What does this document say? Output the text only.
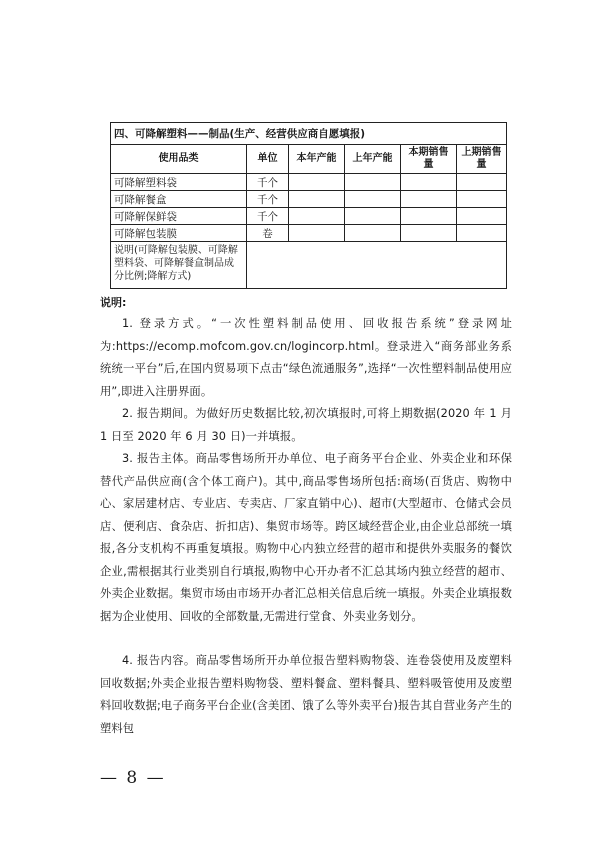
四、可降解塑料——制品(生产、经营供应商自愿填报)					
使用品类	单位	本年产能	上年产能	本期销售量	上期销售量
可降解塑料袋	千个				
可降解餐盒	千个				
可降解保鲜袋	千个				
可降解包装膜	卷				
说明(可降解包装膜、可降解塑料袋、可降解餐盒制品成分比例;降解方式)					
说明:
1. 登录方式。“一次性塑料制品使用、回收报告系统”登录网址为:https://ecomp.mofcom.gov.cn/logincorp.html。登录进入“商务部业务系统统一平台”后,在国内贸易项下点击“绿色流通服务”,选择“一次性塑料制品使用应用”,即进入注册界面。
2. 报告期间。为做好历史数据比较,初次填报时,可将上期数据(2020 年 1 月 1 日至 2020 年 6 月 30 日)一并填报。
3. 报告主体。商品零售场所开办单位、电子商务平台企业、外卖企业和环保替代产品供应商(含个体工商户)。其中,商品零售场所包括:商场(百货店、购物中心、家居建材店、专业店、专卖店、厂家直销中心)、超市(大型超市、仓储式会员店、便利店、食杂店、折扣店)、集贸市场等。跨区域经营企业,由企业总部统一填报,各分支机构不再重复填报。购物中心内独立经营的超市和提供外卖服务的餐饮企业,需根据其行业类别自行填报,购物中心开办者不汇总其场内独立经营的超市、外卖企业数据。集贸市场由市场开办者汇总相关信息后统一填报。外卖企业填报数据为企业使用、回收的全部数量,无需进行堂食、外卖业务划分。
4. 报告内容。商品零售场所开办单位报告塑料购物袋、连卷袋使用及废塑料回收数据;外卖企业报告塑料购物袋、塑料餐盒、塑料餐具、塑料吸管使用及废塑料回收数据;电子商务平台企业(含美团、饿了么等外卖平台)报告其自营业务产生的塑料包
— 8 —
